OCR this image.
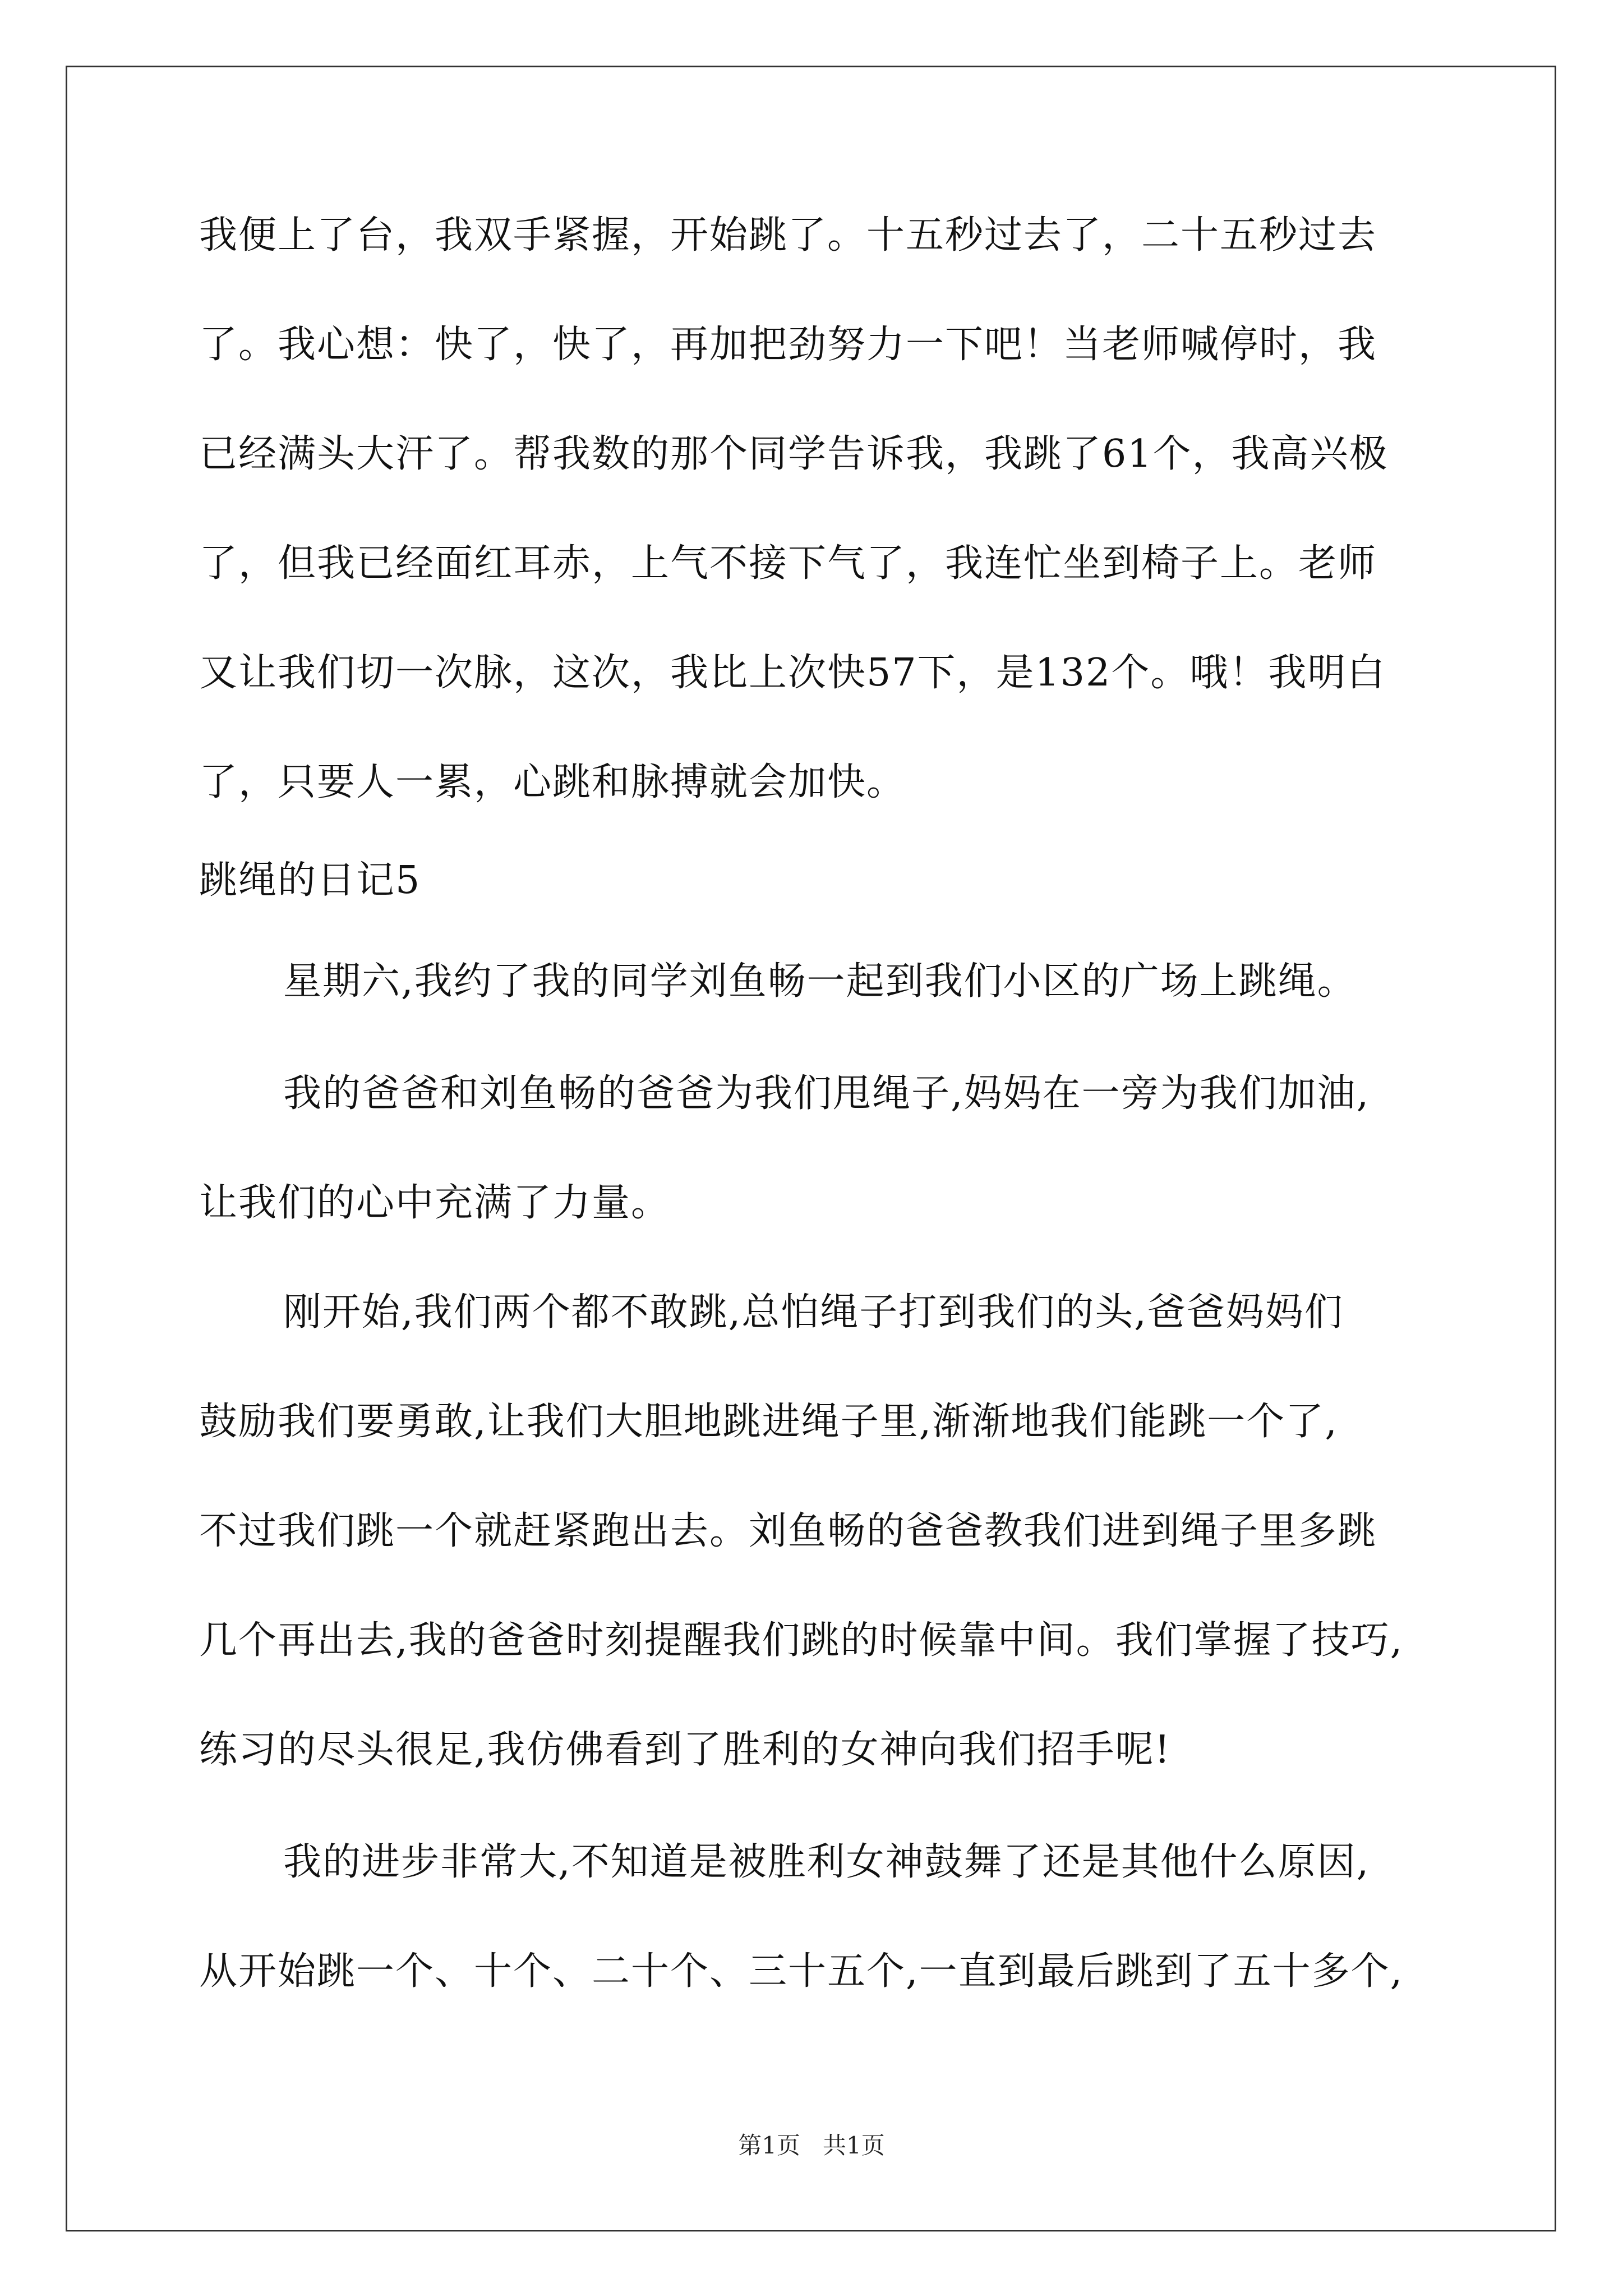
我便上了台，我双手紧握，开始跳了。十五秒过去了，二十五秒过去
了。我心想：快了，快了，再加把劲努力一下吧！当老师喊停时，我
已经满头大汗了。帮我数的那个同学告诉我，我跳了61个，我高兴极
了，但我已经面红耳赤，上气不接下气了，我连忙坐到椅子上。老师
又让我们切一次脉，这次，我比上次快57下，是132个。哦！我明白
了，只要人一累，心跳和脉搏就会加快。
跳绳的日记5
星期六,我约了我的同学刘鱼畅一起到我们小区的广场上跳绳。
我的爸爸和刘鱼畅的爸爸为我们甩绳子,妈妈在一旁为我们加油,
让我们的心中充满了力量。
刚开始,我们两个都不敢跳,总怕绳子打到我们的头,爸爸妈妈们
鼓励我们要勇敢,让我们大胆地跳进绳子里,渐渐地我们能跳一个了,
不过我们跳一个就赶紧跑出去。刘鱼畅的爸爸教我们进到绳子里多跳
几个再出去,我的爸爸时刻提醒我们跳的时候靠中间。我们掌握了技巧,
练习的尽头很足,我仿佛看到了胜利的女神向我们招手呢!
我的进步非常大,不知道是被胜利女神鼓舞了还是其他什么原因,
从开始跳一个、十个、二十个、三十五个,一直到最后跳到了五十多个,
第1页 共1页
